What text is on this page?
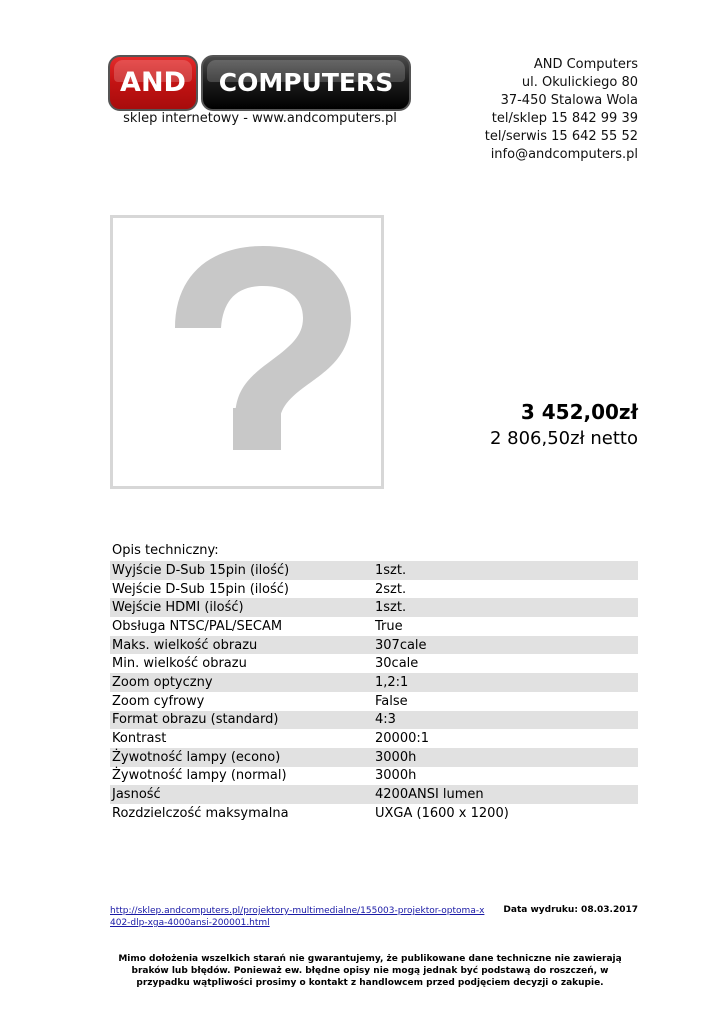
AND	COMPUTERS
sklep internetowy - www.andcomputers.pl
AND Computers
ul. Okulickiego 80
37-450 Stalowa Wola
tel/sklep 15 842 99 39
tel/serwis 15 642 55 52
info@andcomputers.pl
3 452,00zł
2 806,50zł netto
Opis techniczny:
Wyjście D-Sub 15pin (ilość)	1szt.
Wejście D-Sub 15pin (ilość)	2szt.
Wejście HDMI (ilość)	1szt.
Obsługa NTSC/PAL/SECAM	True
Maks. wielkość obrazu	307cale
Min. wielkość obrazu	30cale
Zoom optyczny	1,2:1
Zoom cyfrowy	False
Format obrazu (standard)	4:3
Kontrast	20000:1
Żywotność lampy (econo)	3000h
Żywotność lampy (normal)	3000h
Jasność	4200ANSI lumen
Rozdzielczość maksymalna	UXGA (1600 x 1200)
http://sklep.andcomputers.pl/projektory-multimedialne/155003-projektor-optoma-x402-dlp-xga-4000ansi-200001.html
Data wydruku: 08.03.2017
Mimo dołożenia wszelkich starań nie gwarantujemy, że publikowane dane techniczne nie zawierają braków lub błędów. Ponieważ ew. błędne opisy nie mogą jednak być podstawą do roszczeń, w przypadku wątpliwości prosimy o kontakt z handlowcem przed podjęciem decyzji o zakupie.
